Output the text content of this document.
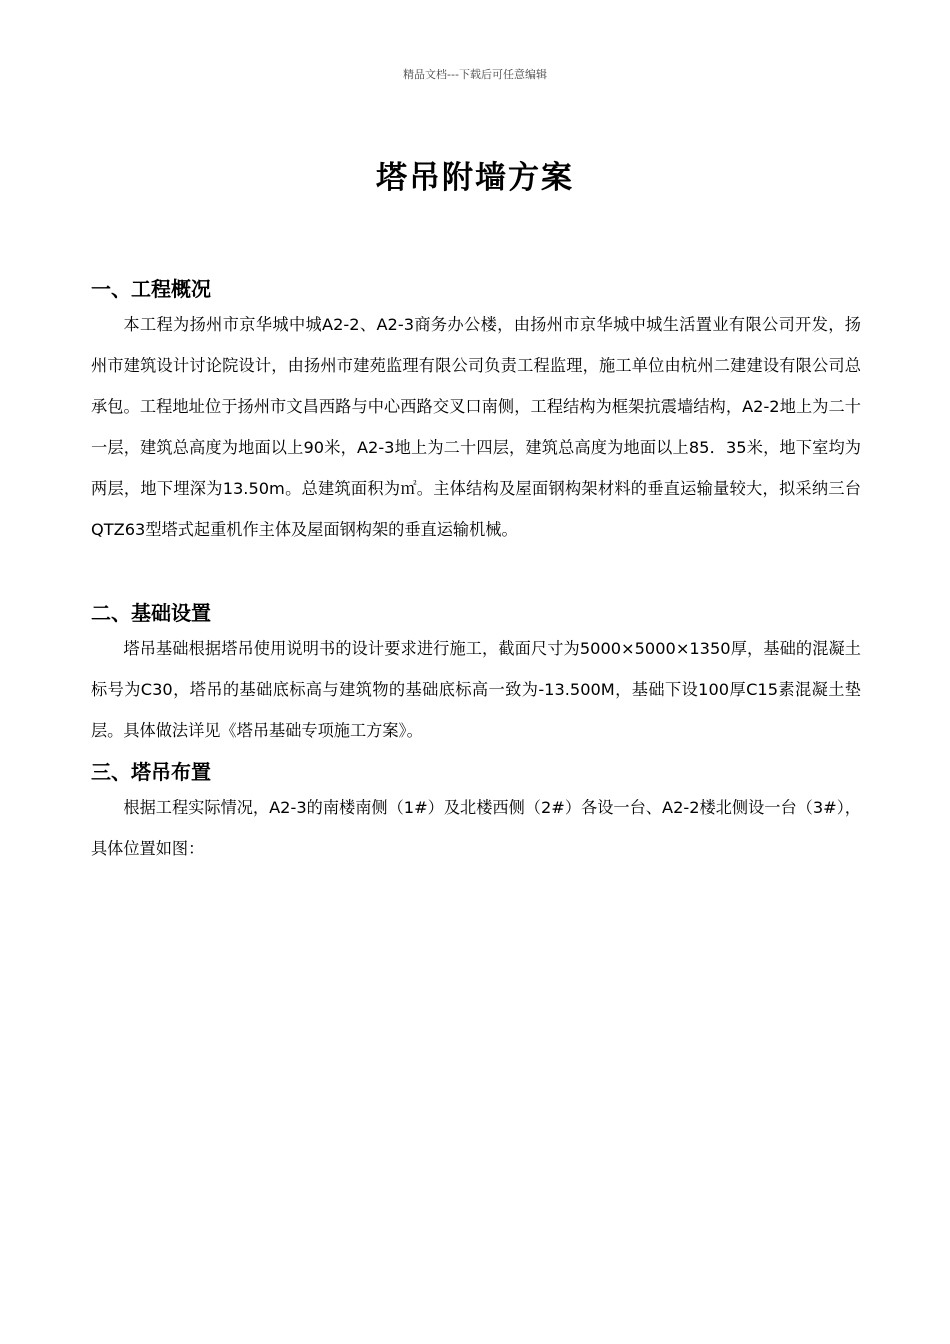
精品文档---下载后可任意编辑
塔吊附墙方案
一、工程概况

本工程为扬州市京华城中城A2-2、A2-3商务办公楼，由扬州市京华城中城生活置业有限公司开发，扬州市建筑设计讨论院设计，由扬州市建苑监理有限公司负责工程监理，施工单位由杭州二建建设有限公司总承包。工程地址位于扬州市文昌西路与中心西路交叉口南侧，工程结构为框架抗震墙结构，A2-2地上为二十一层，建筑总高度为地面以上90米，A2-3地上为二十四层，建筑总高度为地面以上85．35米，地下室均为两层，地下埋深为13.50m。总建筑面积为㎡。主体结构及屋面钢构架材料的垂直运输量较大，拟采纳三台QTZ63型塔式起重机作主体及屋面钢构架的垂直运输机械。

二、基础设置

塔吊基础根据塔吊使用说明书的设计要求进行施工，截面尺寸为5000×5000×1350厚，基础的混凝土标号为C30，塔吊的基础底标高与建筑物的基础底标高一致为-13.500M，基础下设100厚C15素混凝土垫层。具体做法详见《塔吊基础专项施工方案》。

三、塔吊布置

根据工程实际情况，A2-3的南楼南侧（1#）及北楼西侧（2#）各设一台、A2-2楼北侧设一台（3#），具体位置如图：
